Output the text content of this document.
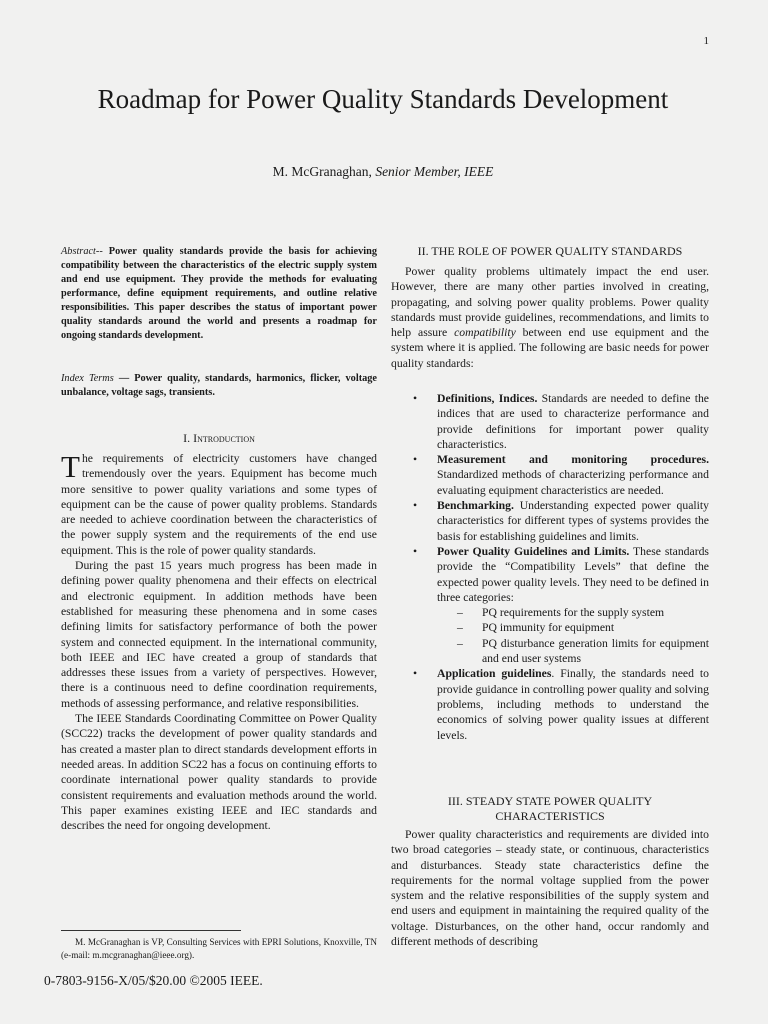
1
Roadmap for Power Quality Standards Development
M. McGranaghan, Senior Member, IEEE
Abstract-- Power quality standards provide the basis for achieving compatibility between the characteristics of the electric supply system and end use equipment. They provide the methods for evaluating performance, define equipment requirements, and outline relative responsibilities. This paper describes the status of important power quality standards around the world and presents a roadmap for ongoing standards development.
Index Terms — Power quality, standards, harmonics, flicker, voltage unbalance, voltage sags, transients.
I. Introduction

The requirements of electricity customers have changed tremendously over the years. Equipment has become much more sensitive to power quality variations and some types of equipment can be the cause of power quality problems. Standards are needed to achieve coordination between the characteristics of the power supply system and the requirements of the end use equipment. This is the role of power quality standards.

During the past 15 years much progress has been made in defining power quality phenomena and their effects on electrical and electronic equipment. In addition methods have been established for measuring these phenomena and in some cases defining limits for satisfactory performance of both the power system and connected equipment. In the international community, both IEEE and IEC have created a group of standards that addresses these issues from a variety of perspectives. However, there is a continuous need to define coordination requirements, methods of assessing performance, and relative responsibilities.

The IEEE Standards Coordinating Committee on Power Quality (SCC22) tracks the development of power quality standards and has created a master plan to direct standards development efforts in needed areas. In addition SC22 has a focus on continuing efforts to coordinate international power quality standards to provide consistent requirements and evaluation methods around the world. This paper examines existing IEEE and IEC standards and describes the need for ongoing development.

M. McGranaghan is VP, Consulting Services with EPRI Solutions, Knoxville, TN (e-mail: m.mcgranaghan@ieee.org).
0-7803-9156-X/05/$20.00 ©2005 IEEE.
II. THE ROLE OF POWER QUALITY STANDARDS
Power quality problems ultimately impact the end user. However, there are many other parties involved in creating, propagating, and solving power quality problems. Power quality standards must provide guidelines, recommendations, and limits to help assure compatibility between end use equipment and the system where it is applied. The following are basic needs for power quality standards:
• Definitions, Indices. Standards are needed to define the indices that are used to characterize performance and provide definitions for important power quality characteristics.
• Measurement and monitoring procedures. Standardized methods of characterizing performance and evaluating equipment characteristics are needed.
• Benchmarking. Understanding expected power quality characteristics for different types of systems provides the basis for establishing guidelines and limits.
• Power Quality Guidelines and Limits. These standards provide the “Compatibility Levels” that define the expected power quality levels. They need to be defined in three categories:
– PQ requirements for the supply system
– PQ immunity for equipment
– PQ disturbance generation limits for equipment and end user systems
• Application guidelines. Finally, the standards need to provide guidance in controlling power quality and solving problems, including methods to understand the economics of solving power quality issues at different levels.
III. STEADY STATE POWER QUALITY
CHARACTERISTICS
Power quality characteristics and requirements are divided into two broad categories – steady state, or continuous, characteristics and disturbances. Steady state characteristics define the requirements for the normal voltage supplied from the power system and the relative responsibilities of the supply system and end users and equipment in maintaining the required quality of the voltage. Disturbances, on the other hand, occur randomly and different methods of describing
